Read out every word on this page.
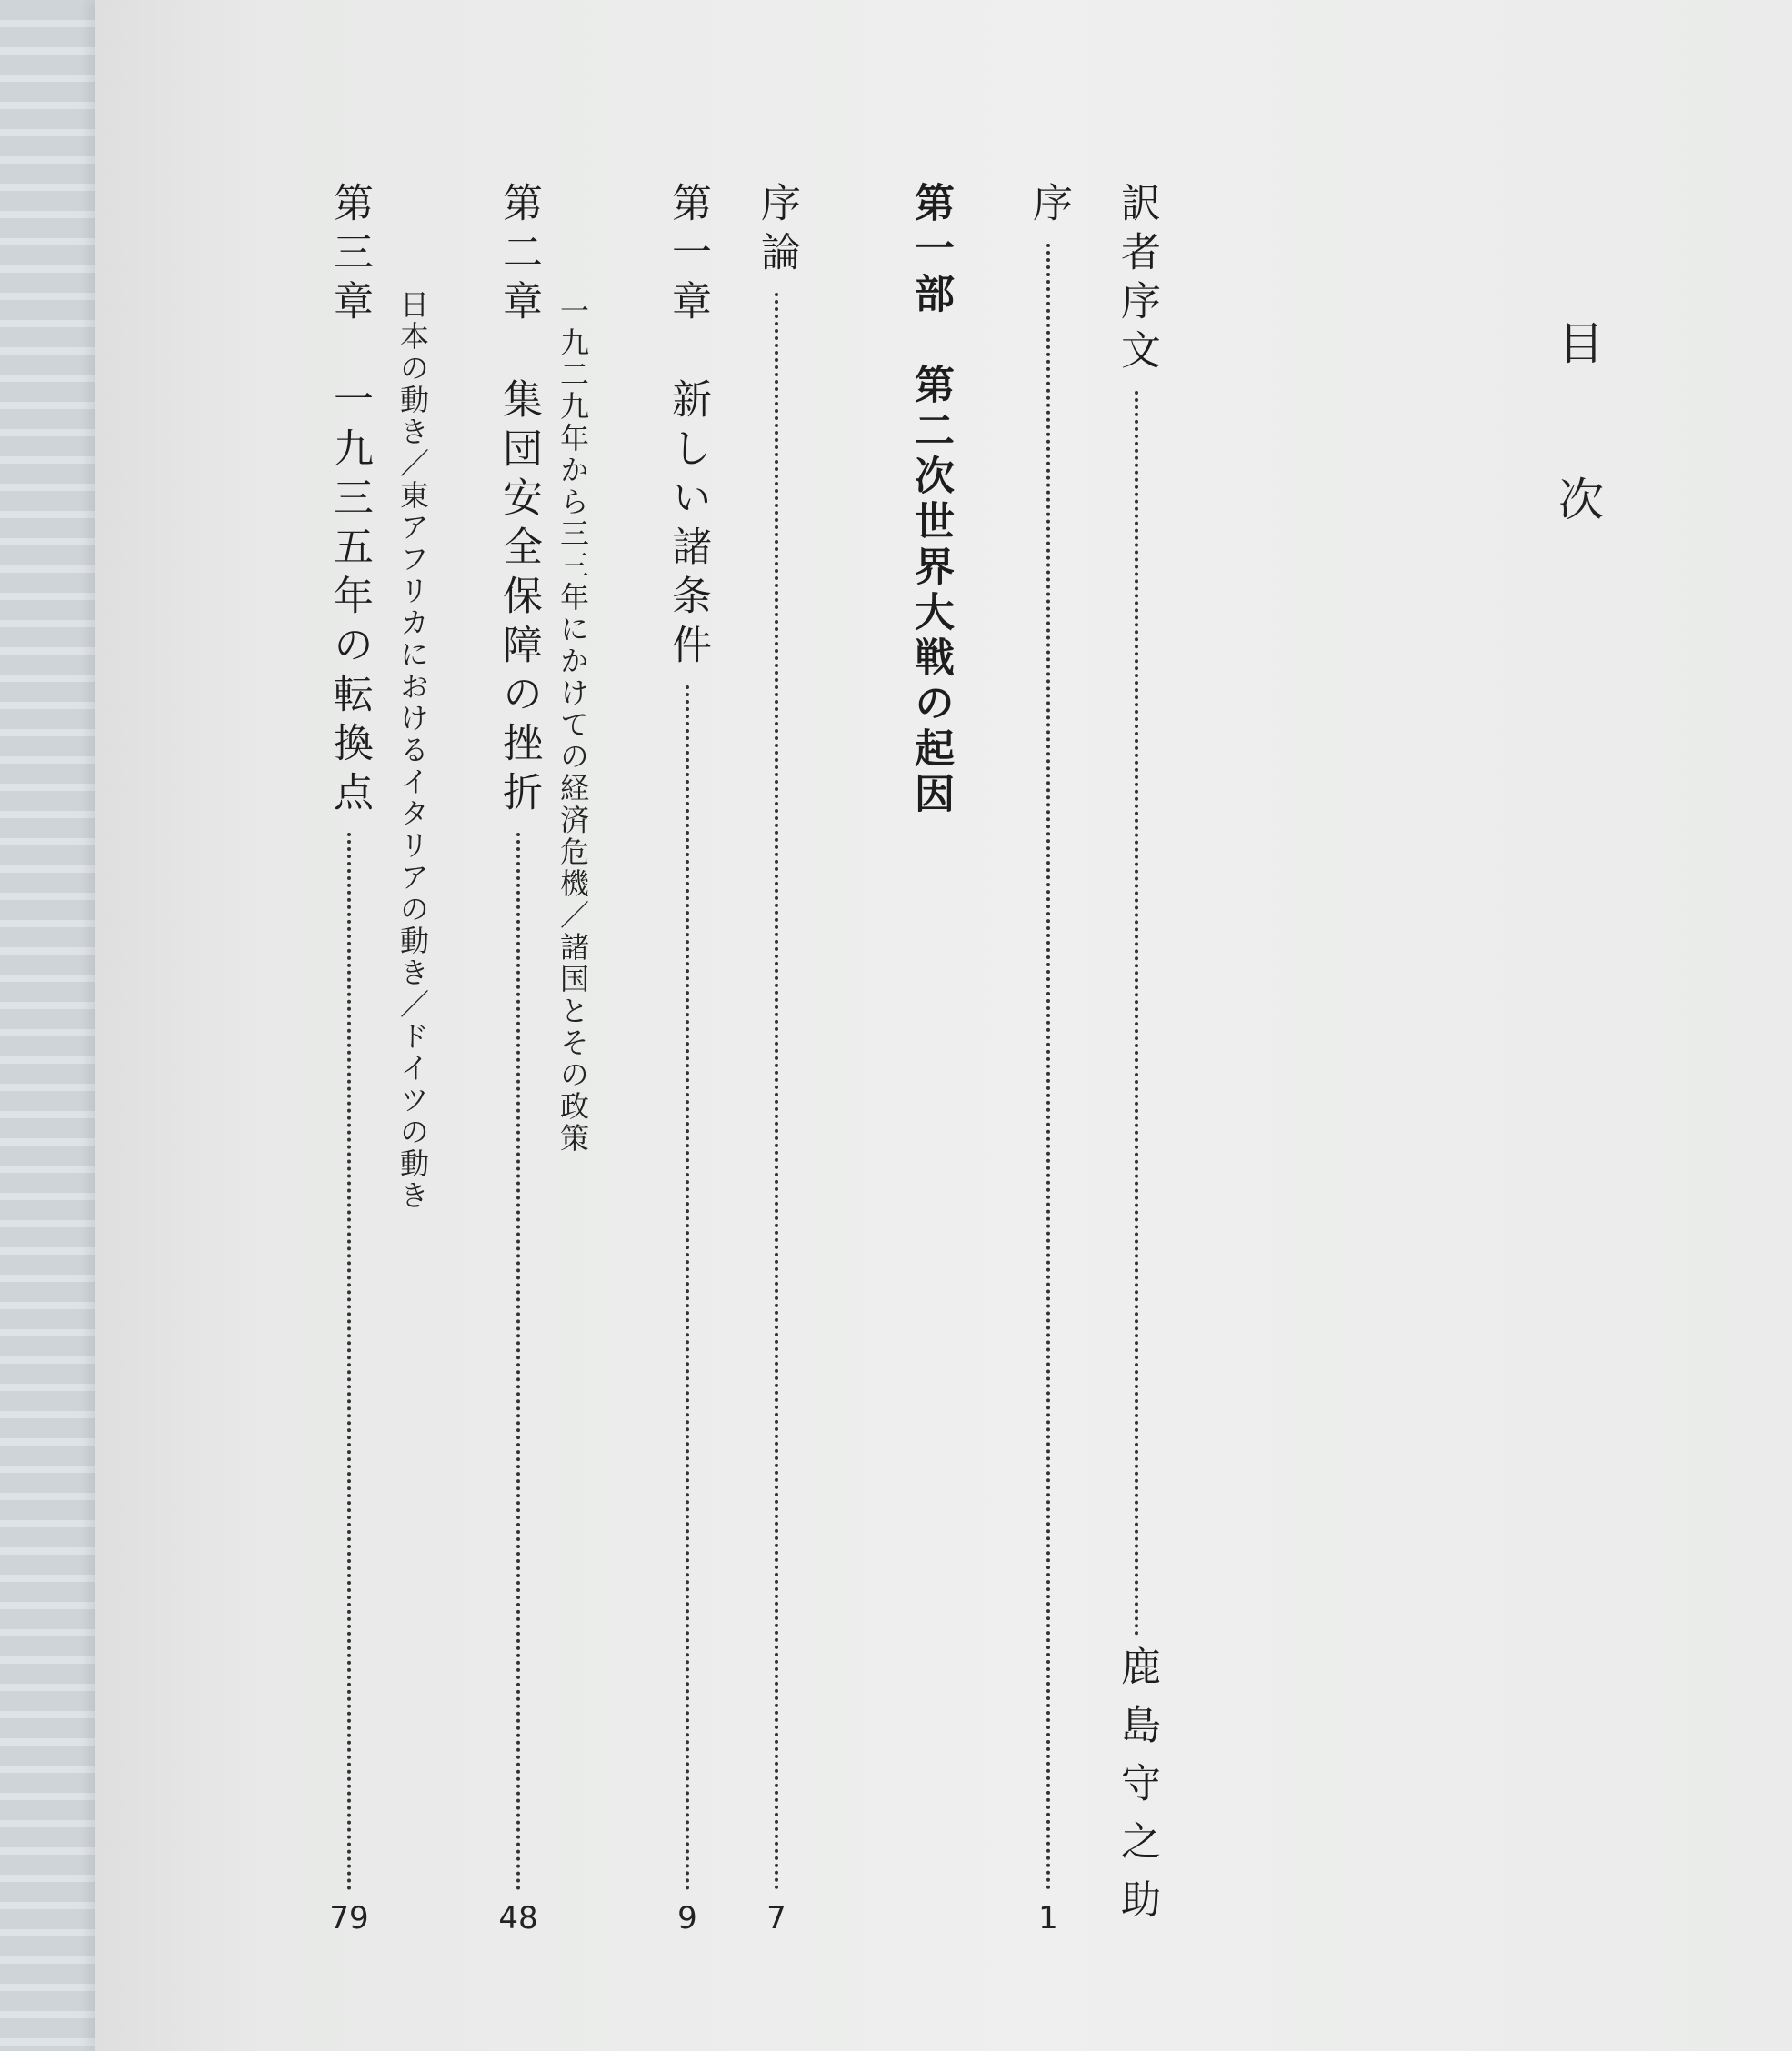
目
次
訳者序文
鹿島守之助
序
1
第一部　第二次世界大戦の起因
序論
7
第一章　新しい諸条件
9
一九二九年から三三年にかけての経済危機／諸国とその政策
第二章　集団安全保障の挫折
48
日本の動き／東アフリカにおけるイタリアの動き／ドイツの動き
第三章　一九三五年の転換点
79
